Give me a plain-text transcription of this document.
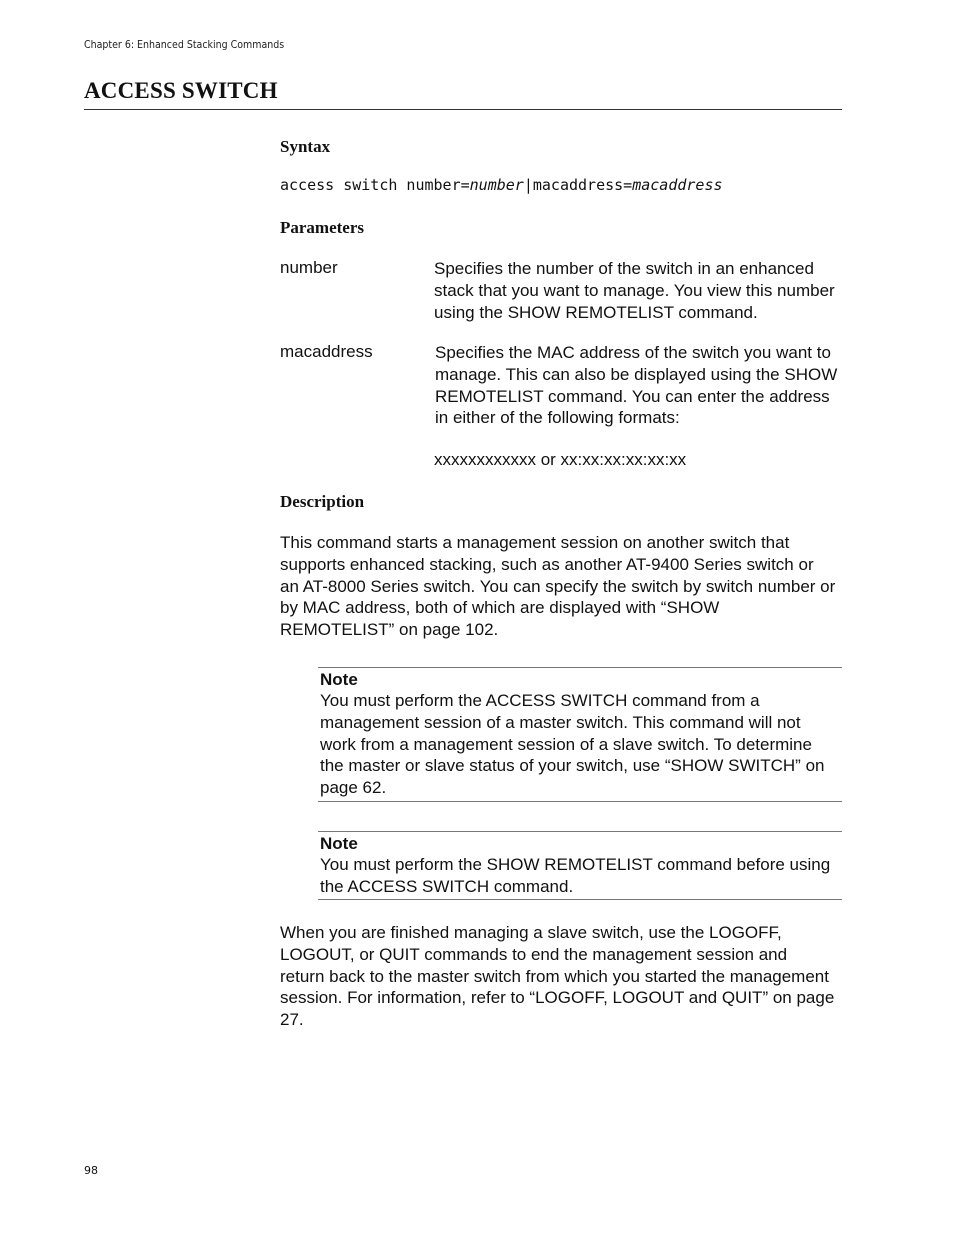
Chapter 6: Enhanced Stacking Commands
ACCESS SWITCH
Syntax
access switch number=number|macaddress=macaddress
Parameters
number	Specifies the number of the switch in an enhanced stack that you want to manage. You view this number using the SHOW REMOTELIST command.
macaddress	Specifies the MAC address of the switch you want to manage. This can also be displayed using the SHOW REMOTELIST command. You can enter the address in either of the following formats:
xxxxxxxxxxxx or xx:xx:xx:xx:xx:xx
Description
This command starts a management session on another switch that supports enhanced stacking, such as another AT-9400 Series switch or an AT-8000 Series switch. You can specify the switch by switch number or by MAC address, both of which are displayed with “SHOW REMOTELIST” on page 102.
Note
You must perform the ACCESS SWITCH command from a management session of a master switch. This command will not work from a management session of a slave switch. To determine the master or slave status of your switch, use “SHOW SWITCH” on page 62.
Note
You must perform the SHOW REMOTELIST command before using the ACCESS SWITCH command.
When you are finished managing a slave switch, use the LOGOFF, LOGOUT, or QUIT commands to end the management session and return back to the master switch from which you started the management session. For information, refer to “LOGOFF, LOGOUT and QUIT” on page 27.
98
